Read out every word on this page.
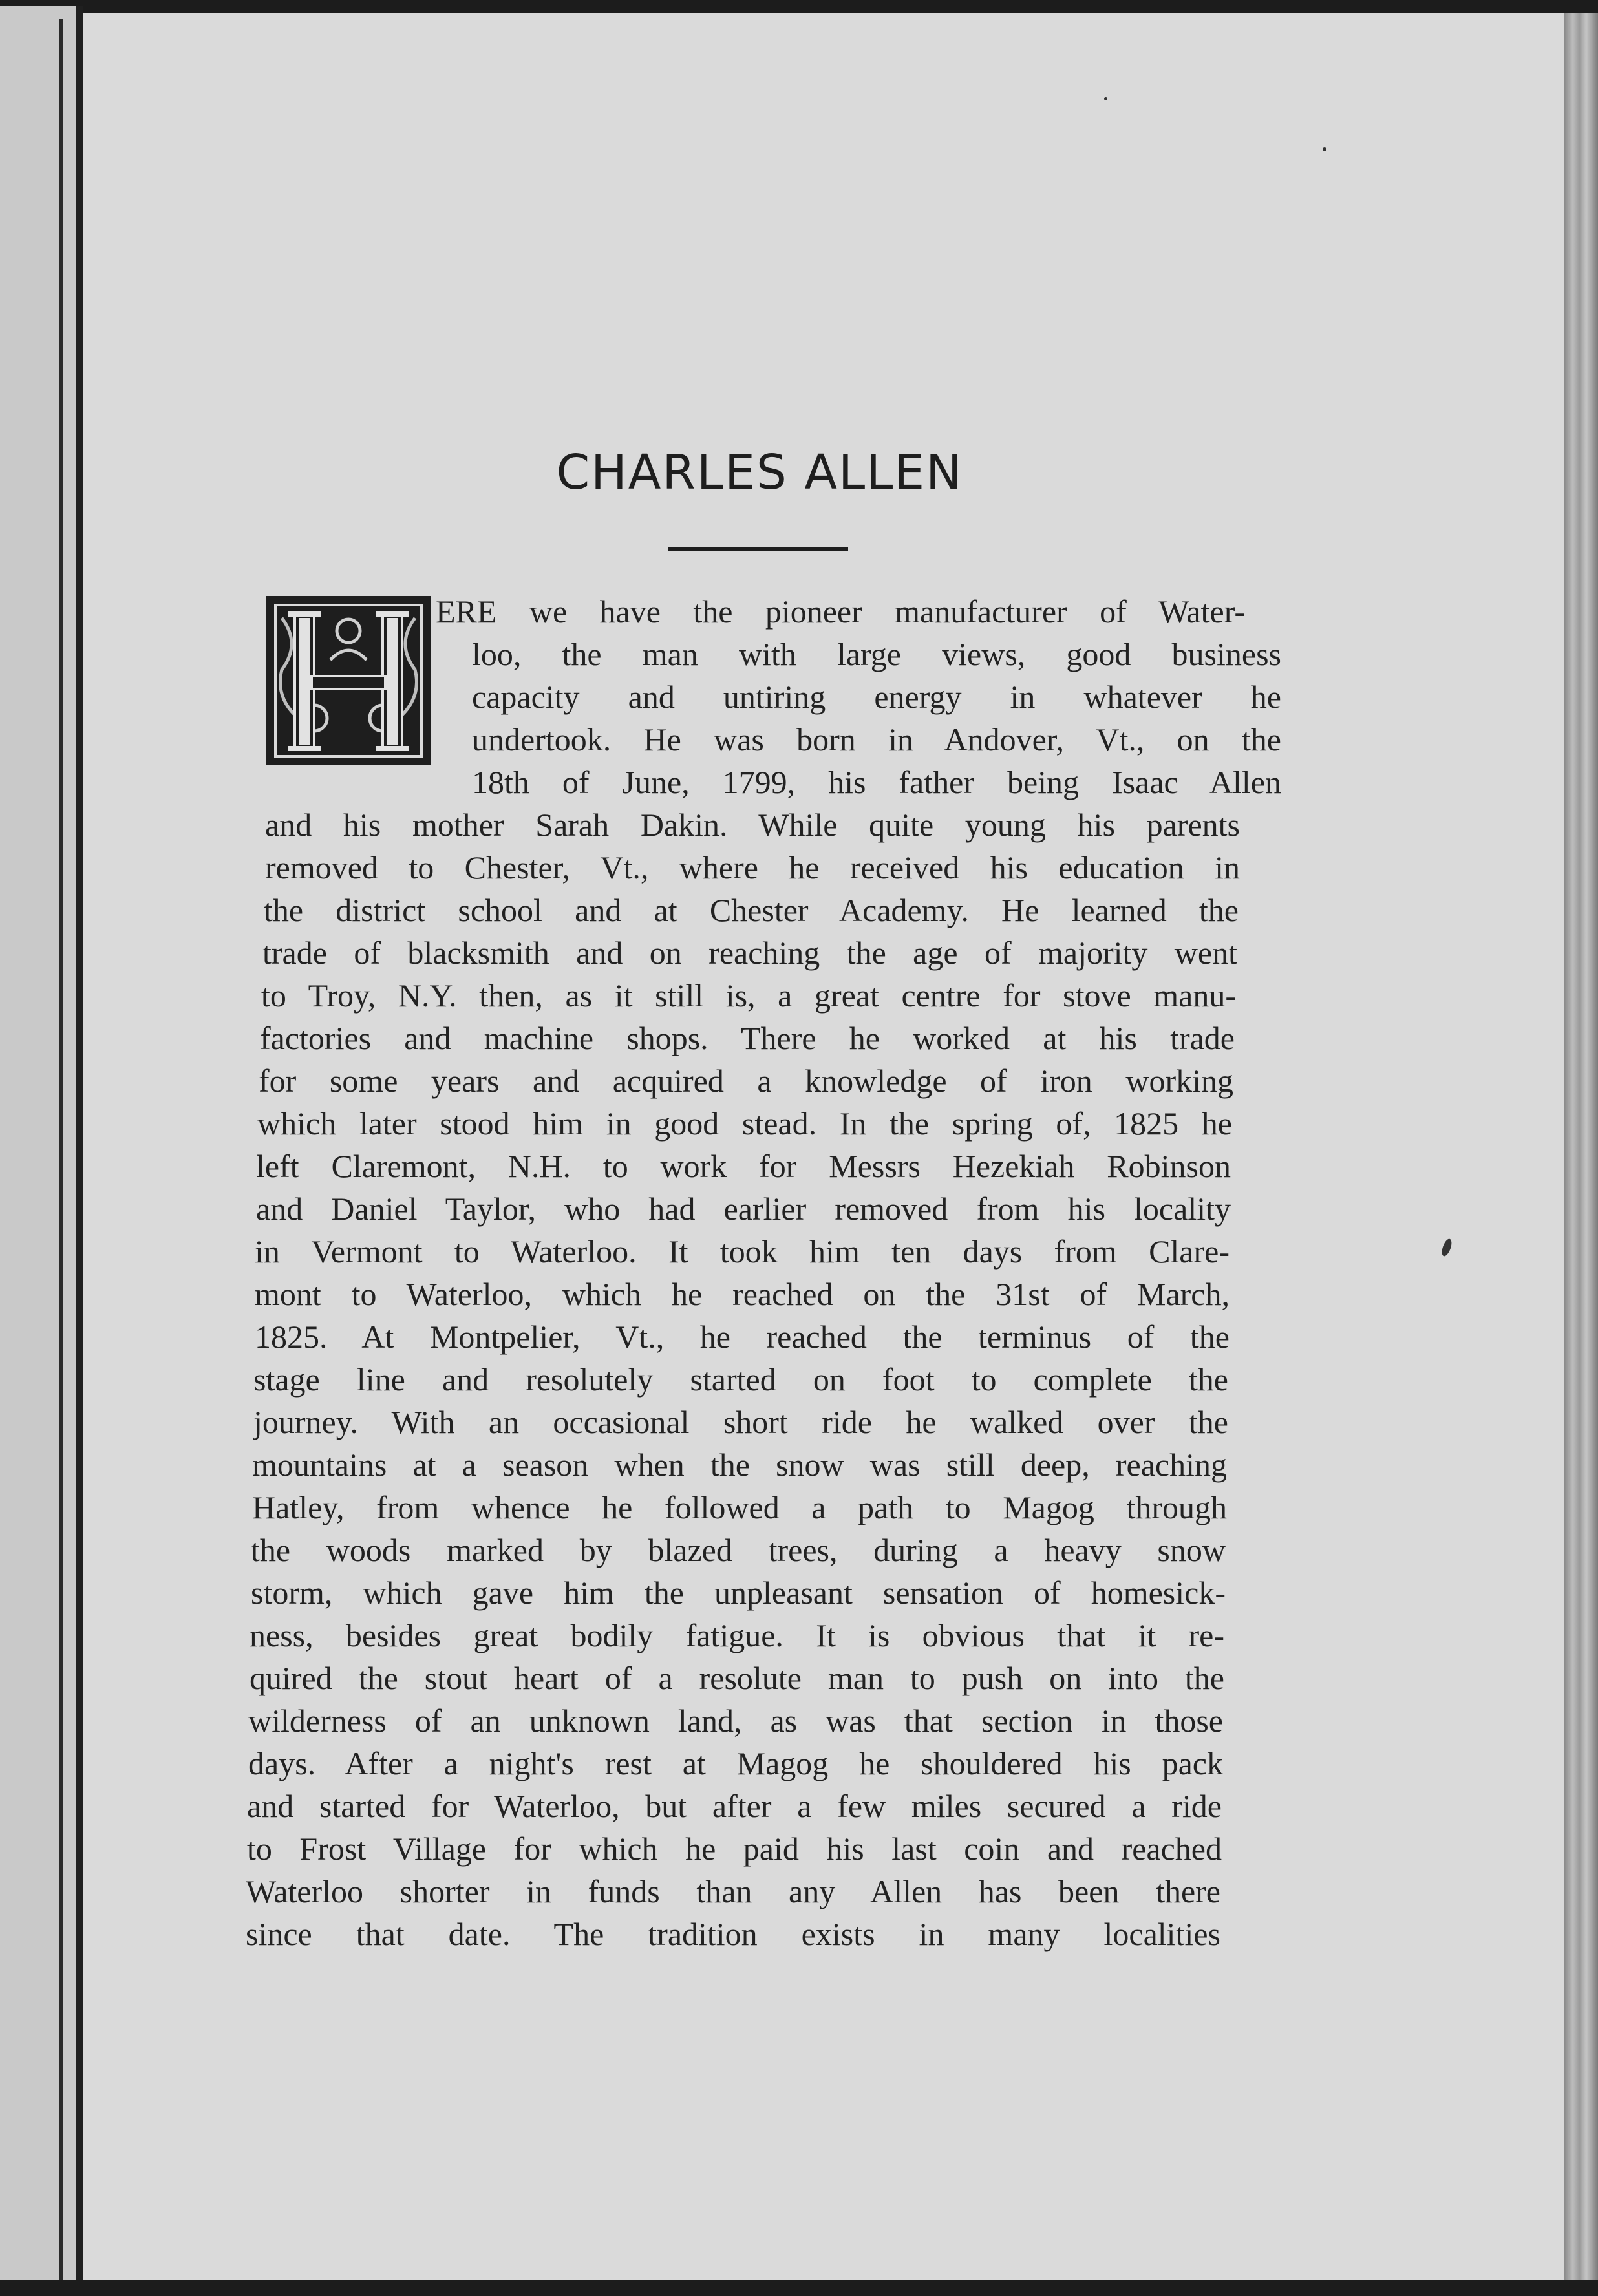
CHARLES ALLEN
ERE we have the pioneer manufacturer of Water-
loo, the man with large views, good business
capacity and untiring energy in whatever he
undertook. He was born in Andover, Vt., on the
18th of June, 1799, his father being Isaac Allen
and his mother Sarah Dakin. While quite young his parents
removed to Chester, Vt., where he received his education in
the district school and at Chester Academy. He learned the
trade of blacksmith and on reaching the age of majority went
to Troy, N.Y. then, as it still is, a great centre for stove manu-
factories and machine shops. There he worked at his trade
for some years and acquired a knowledge of iron working
which later stood him in good stead. In the spring of, 1825 he
left Claremont, N.H. to work for Messrs Hezekiah Robinson
and Daniel Taylor, who had earlier removed from his locality
in Vermont to Waterloo. It took him ten days from Clare-
mont to Waterloo, which he reached on the 31st of March,
1825. At Montpelier, Vt., he reached the terminus of the
stage line and resolutely started on foot to complete the
journey. With an occasional short ride he walked over the
mountains at a season when the snow was still deep, reaching
Hatley, from whence he followed a path to Magog through
the woods marked by blazed trees, during a heavy snow
storm, which gave him the unpleasant sensation of homesick-
ness, besides great bodily fatigue. It is obvious that it re-
quired the stout heart of a resolute man to push on into the
wilderness of an unknown land, as was that section in those
days. After a night's rest at Magog he shouldered his pack
and started for Waterloo, but after a few miles secured a ride
to Frost Village for which he paid his last coin and reached
Waterloo shorter in funds than any Allen has been there
since that date. The tradition exists in many localities
